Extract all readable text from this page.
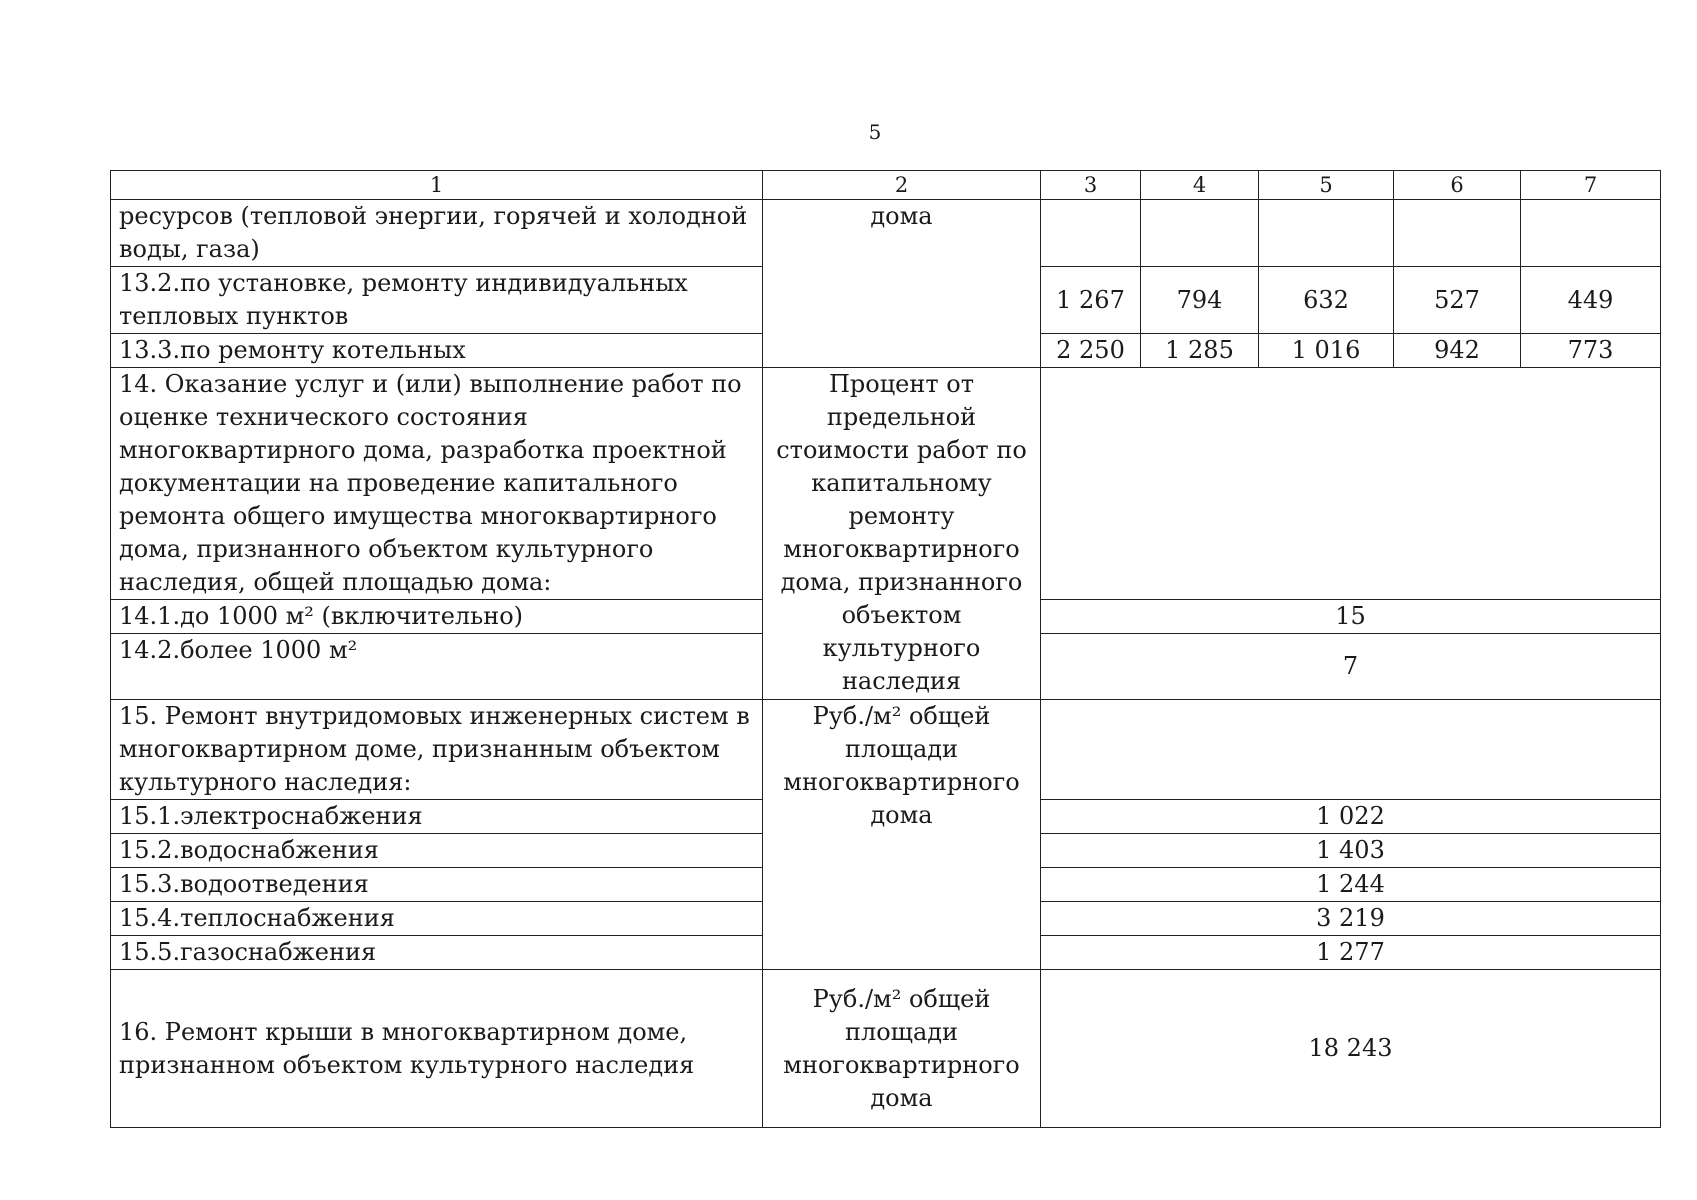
5
1	2	3	4	5	6	7
ресурсов (тепловой энергии, горячей и холодной воды, газа)	дома					
13.2.по установке, ремонту индивидуальных тепловых пунктов		1 267	794	632	527	449
13.3.по ремонту котельных		2 250	1 285	1 016	942	773
14. Оказание услуг и (или) выполнение работ по оценке технического состояния многоквартирного дома, разработка проектной документации на проведение капитального ремонта общего имущества многоквартирного дома, признанного объектом культурного наследия, общей площадью дома:	Процент от предельной стоимости работ по капитальному ремонту многоквартирного дома, признанного объектом культурного наследия					
14.1.до 1000 м² (включительно)		15				
14.2.более 1000 м²		7				
15. Ремонт внутридомовых инженерных систем в многоквартирном доме, признанным объектом культурного наследия:	Руб./м² общей площади многоквартирного дома					
15.1.электроснабжения		1 022				
15.2.водоснабжения		1 403				
15.3.водоотведения		1 244				
15.4.теплоснабжения		3 219				
15.5.газоснабжения		1 277				
16. Ремонт крыши в многоквартирном доме, признанном объектом культурного наследия	Руб./м² общей площади многоквартирного дома	18 243				
